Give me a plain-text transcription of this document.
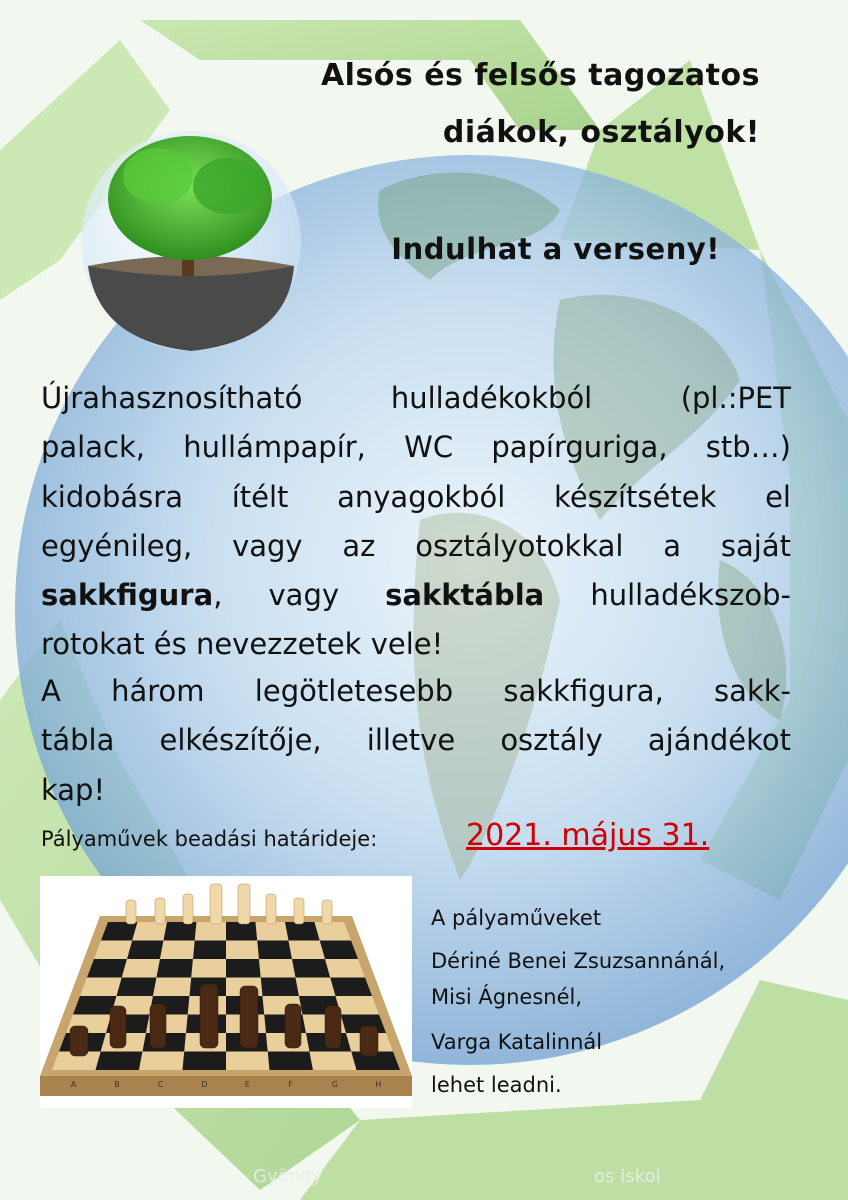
Alsós és felsős tagozatos
diákok, osztályok!
Indulhat a verseny!
Újrahasznosítható hulladékokból (pl.:PET
palack, hullámpapír, WC papírguriga, stb…)
kidobásra ítélt anyagokból készítsétek el
egyénileg, vagy az osztályotokkal a saját
sakkfigura, vagy sakktábla hulladékszob-
rotokat és nevezzetek vele!
A három legötletesebb sakkfigura, sakk-
tábla elkészítője, illetve osztály ajándékot
kap!
Pályaművek beadási határideje:	2021. május 31.
A	B	C	D	E	F	G	H
A pályaműveket
Dériné Benei Zsuzsannánál,
Misi Ágnesnél,
Varga Katalinnál
lehet leadni.
Gyöngy	os Iskol
